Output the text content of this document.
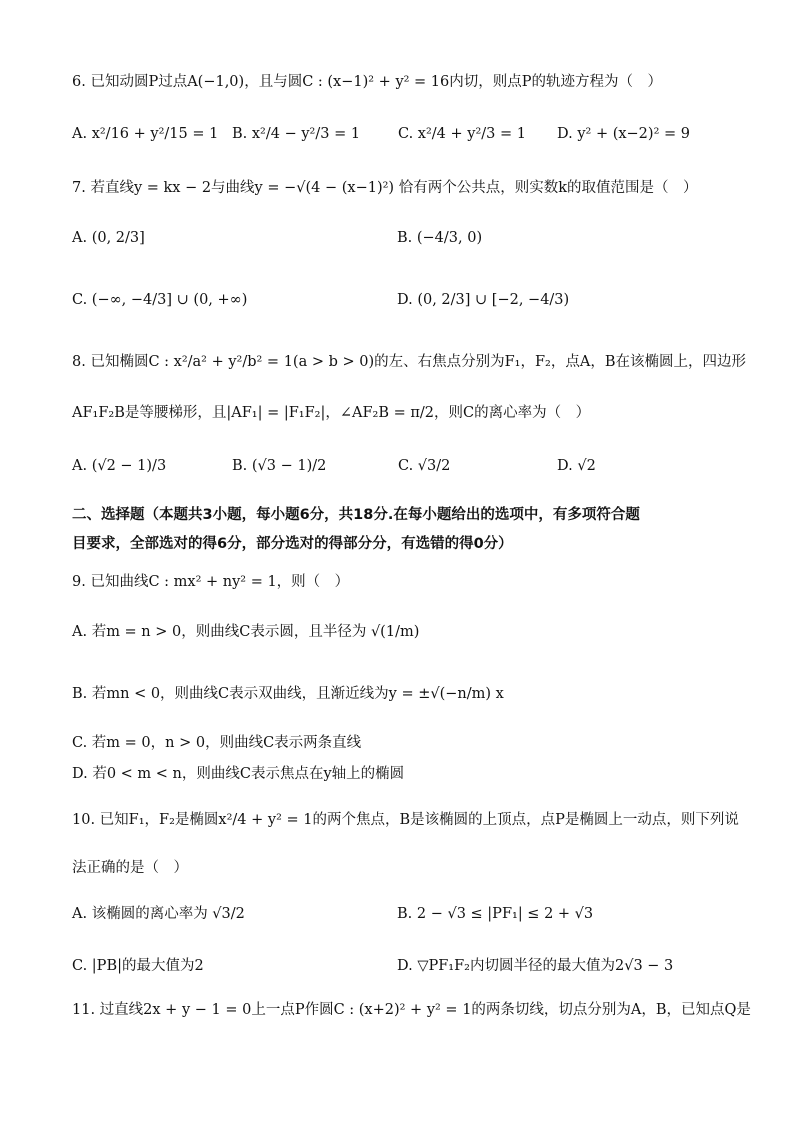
6. 已知动圆P过点A(−1,0)，且与圆C : (x−1)² + y² = 16内切，则点P的轨迹方程为（　）
A. x²/16 + y²/15 = 1 B. x²/4 − y²/3 = 1	C. x²/4 + y²/3 = 1 D. y² + (x−2)² = 9
7. 若直线y = kx − 2与曲线y = −√(4 − (x−1)²) 恰有两个公共点，则实数k的取值范围是（　）
A. (0, 2/3]	B. (−4/3, 0)
C. (−∞, −4/3] ∪ (0, +∞)	D. (0, 2/3] ∪ [−2, −4/3)
8. 已知椭圆C : x²/a² + y²/b² = 1(a > b > 0)的左、右焦点分别为F₁，F₂，点A，B在该椭圆上，四边形
AF₁F₂B是等腰梯形，且|AF₁| = |F₁F₂|，∠AF₂B = π/2，则C的离心率为（　）
A. (√2 − 1)/3	B. (√3 − 1)/2	C. √3/2	D. √2
二、选择题（本题共3小题，每小题6分，共18分.在每小题给出的选项中，有多项符合题
目要求，全部选对的得6分，部分选对的得部分分，有选错的得0分）
9. 已知曲线C : mx² + ny² = 1，则（　）
A. 若m = n > 0，则曲线C表示圆，且半径为 √(1/m)
B. 若mn < 0，则曲线C表示双曲线，且渐近线为y = ±√(−n/m) x
C. 若m = 0，n > 0，则曲线C表示两条直线
D. 若0 < m < n，则曲线C表示焦点在y轴上的椭圆
10. 已知F₁，F₂是椭圆x²/4 + y² = 1的两个焦点，B是该椭圆的上顶点，点P是椭圆上一动点，则下列说
法正确的是（　）
A. 该椭圆的离心率为 √3/2	B. 2 − √3 ≤ |PF₁| ≤ 2 + √3
C. |PB|的最大值为2	D. ▽PF₁F₂内切圆半径的最大值为2√3 − 3
11. 过直线2x + y − 1 = 0上一点P作圆C : (x+2)² + y² = 1的两条切线，切点分别为A，B，已知点Q是
